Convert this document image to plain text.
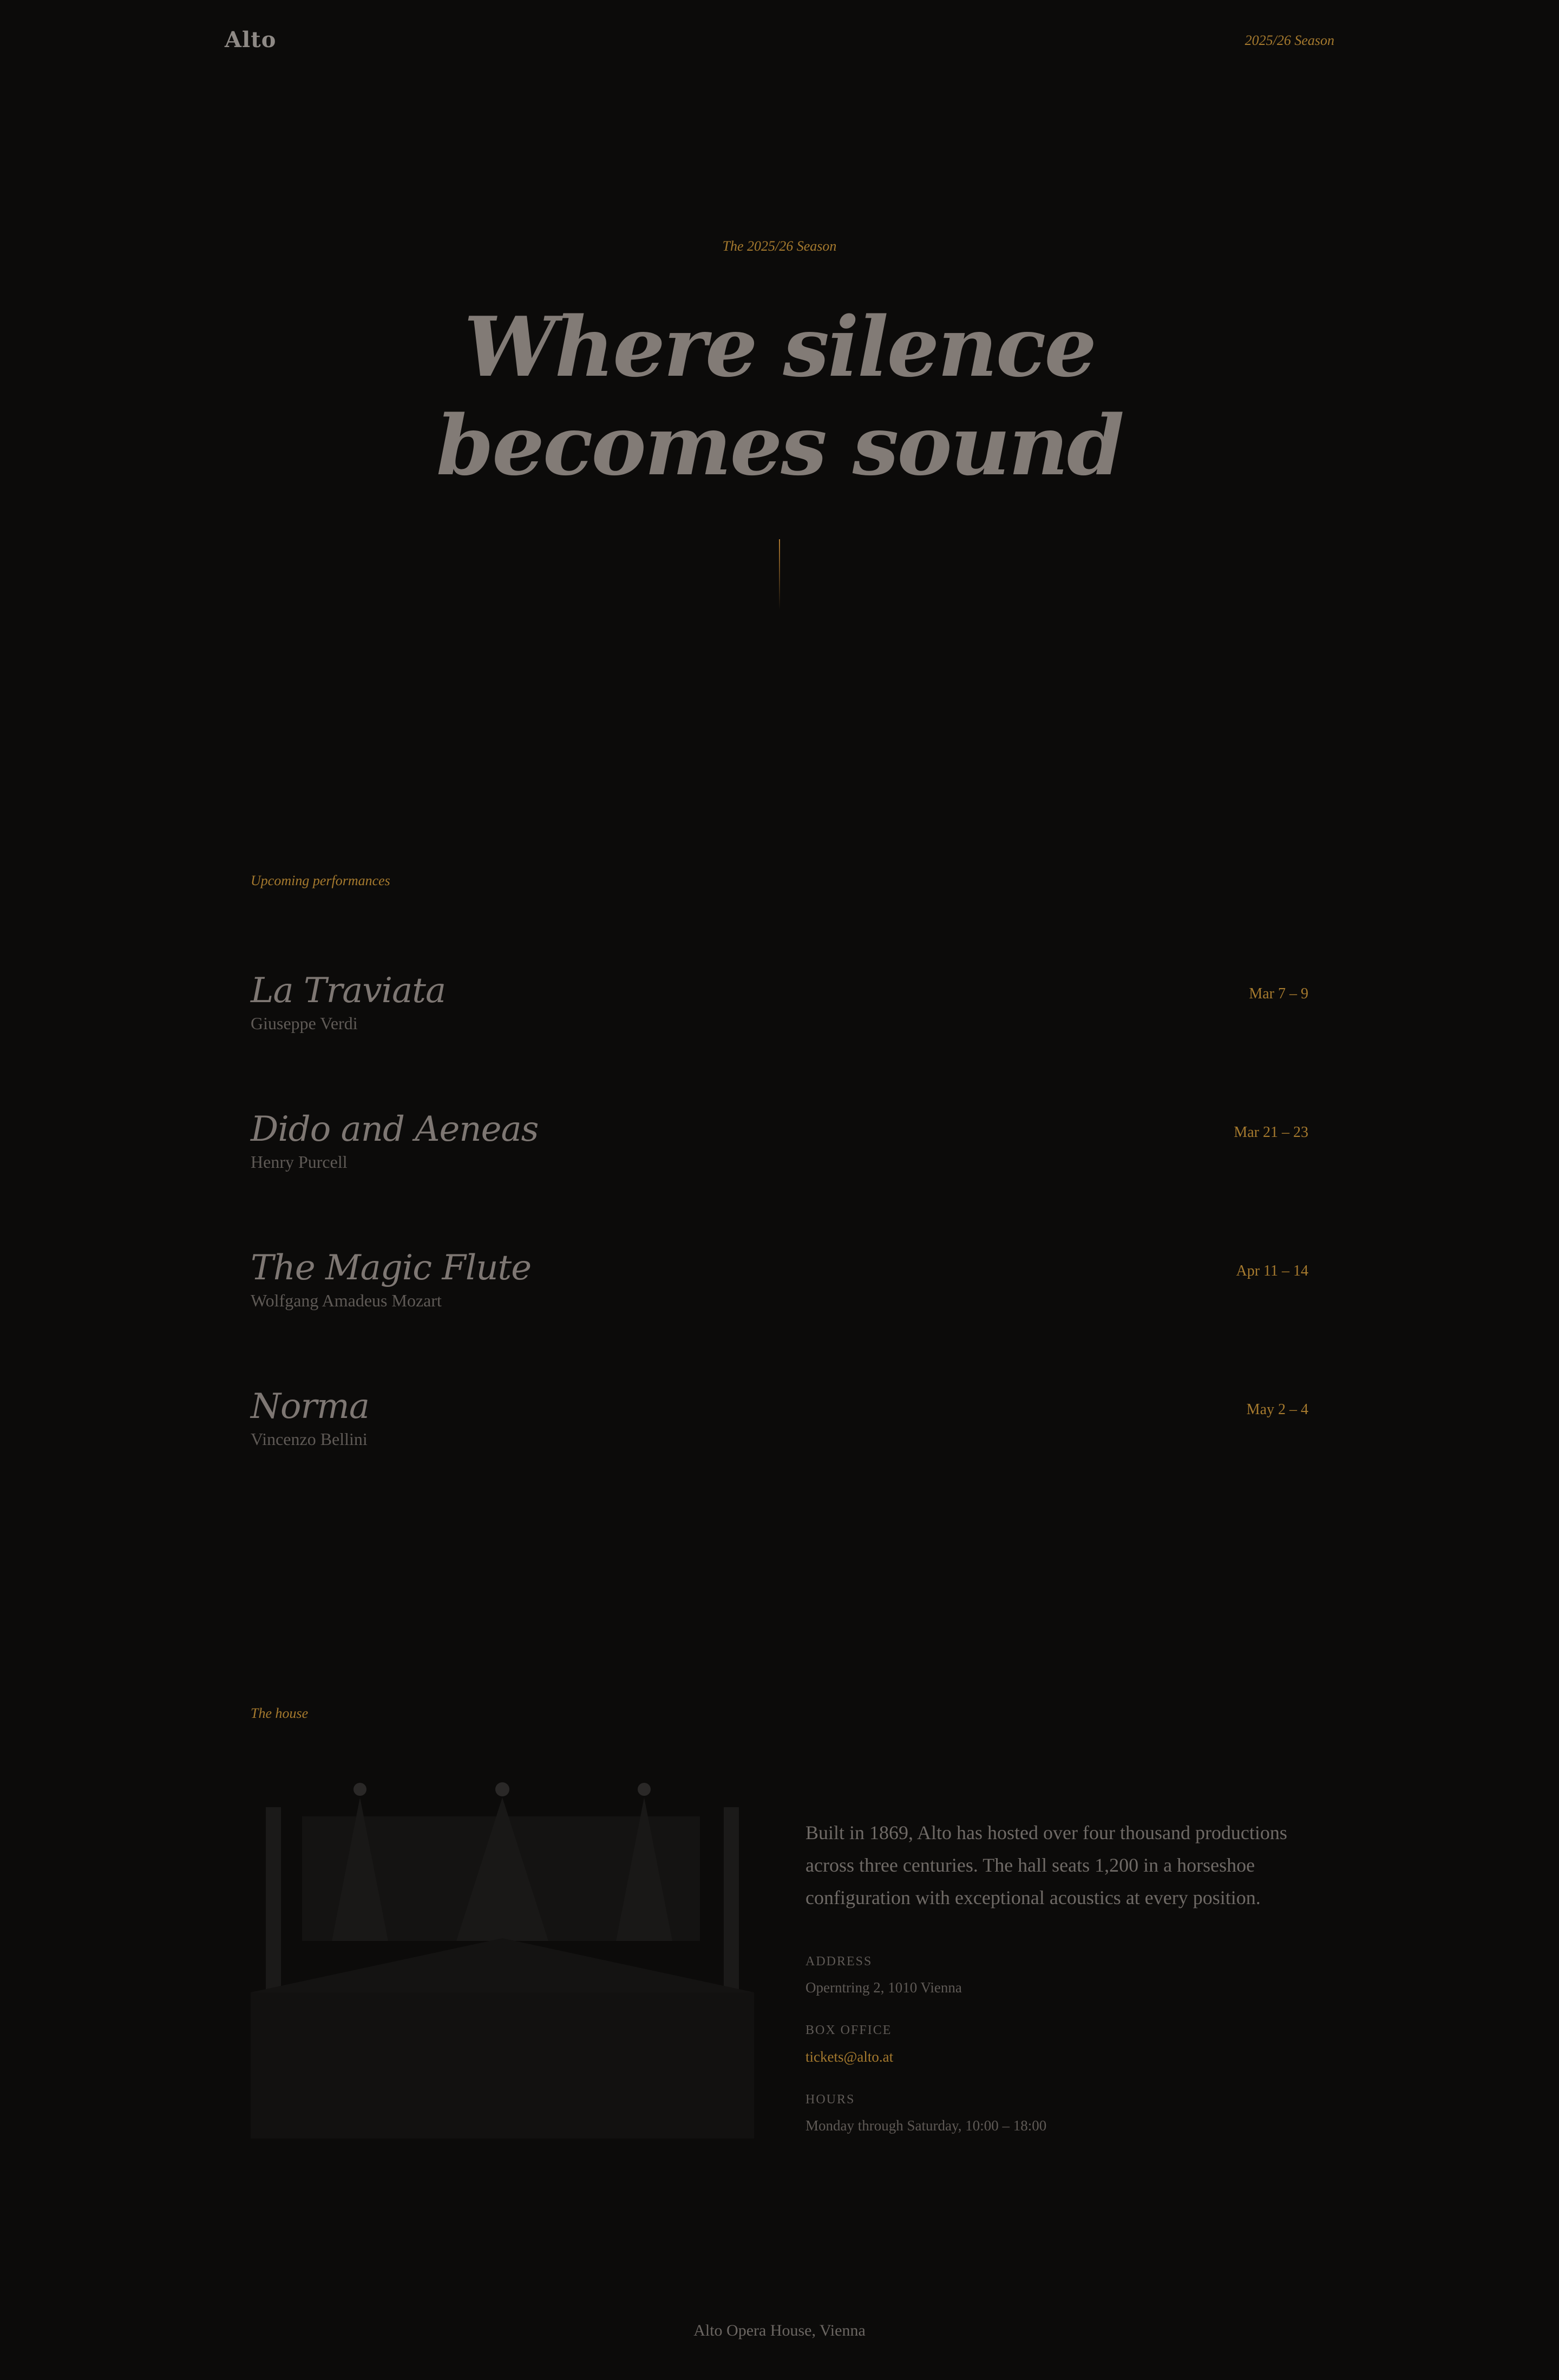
Alto	2025/26 Season
The 2025/26 Season
Where silence
becomes sound
Upcoming performances
La Traviata
Giuseppe Verdi
Mar 7 – 9
Dido and Aeneas
Henry Purcell
Mar 21 – 23
The Magic Flute
Wolfgang Amadeus Mozart
Apr 11 – 14
Norma
Vincenzo Bellini
May 2 – 4
The house
Built in 1869, Alto has hosted over four thousand productions across three centuries. The hall seats 1,200 in a horseshoe configuration with exceptional acoustics at every position.
ADDRESS
Operntring 2, 1010 Vienna
BOX OFFICE
tickets@alto.at
HOURS
Monday through Saturday, 10:00 – 18:00
Alto Opera House, Vienna
